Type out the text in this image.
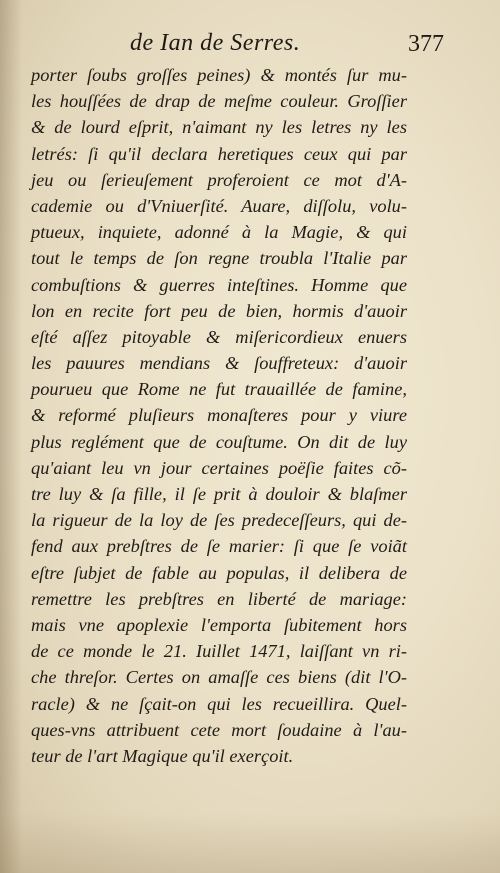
de Ian de Serres.	377
porter ſoubs groſſes peines) & montés ſur mu-
les houſſées de drap de meſme couleur. Groſſier
& de lourd eſprit, n'aimant ny les letres ny les
letrés: ſi qu'il declara heretiques ceux qui par
jeu ou ſerieuſement proferoient ce mot d'A-
cademie ou d'Vniuerſité. Auare, diſſolu, volu-
ptueux, inquiete, adonné à la Magie, & qui
tout le temps de ſon regne troubla l'Italie par
combuſtions & guerres inteſtines. Homme que
lon en recite fort peu de bien, hormis d'auoir
eſté aſſez pitoyable & miſericordieux enuers
les pauures mendians & ſouffreteux: d'auoir
pourueu que Rome ne fut trauaillée de famine,
& reformé pluſieurs monaſteres pour y viure
plus reglément que de couſtume. On dit de luy
qu'aiant leu vn jour certaines poëſie faites cõ-
tre luy & ſa fille, il ſe prit à douloir & blaſmer
la rigueur de la loy de ſes predeceſſeurs, qui de-
fend aux prebſtres de ſe marier: ſi que ſe voiãt
eſtre ſubjet de fable au populas, il delibera de
remettre les prebſtres en liberté de mariage:
mais vne apoplexie l'emporta ſubitement hors
de ce monde le 21. Iuillet 1471, laiſſant vn ri-
che threſor. Certes on amaſſe ces biens (dit l'O-
racle) & ne ſçait-on qui les recueillira. Quel-
ques-vns attribuent cete mort ſoudaine à l'au-
teur de l'art Magique qu'il exerçoit.
